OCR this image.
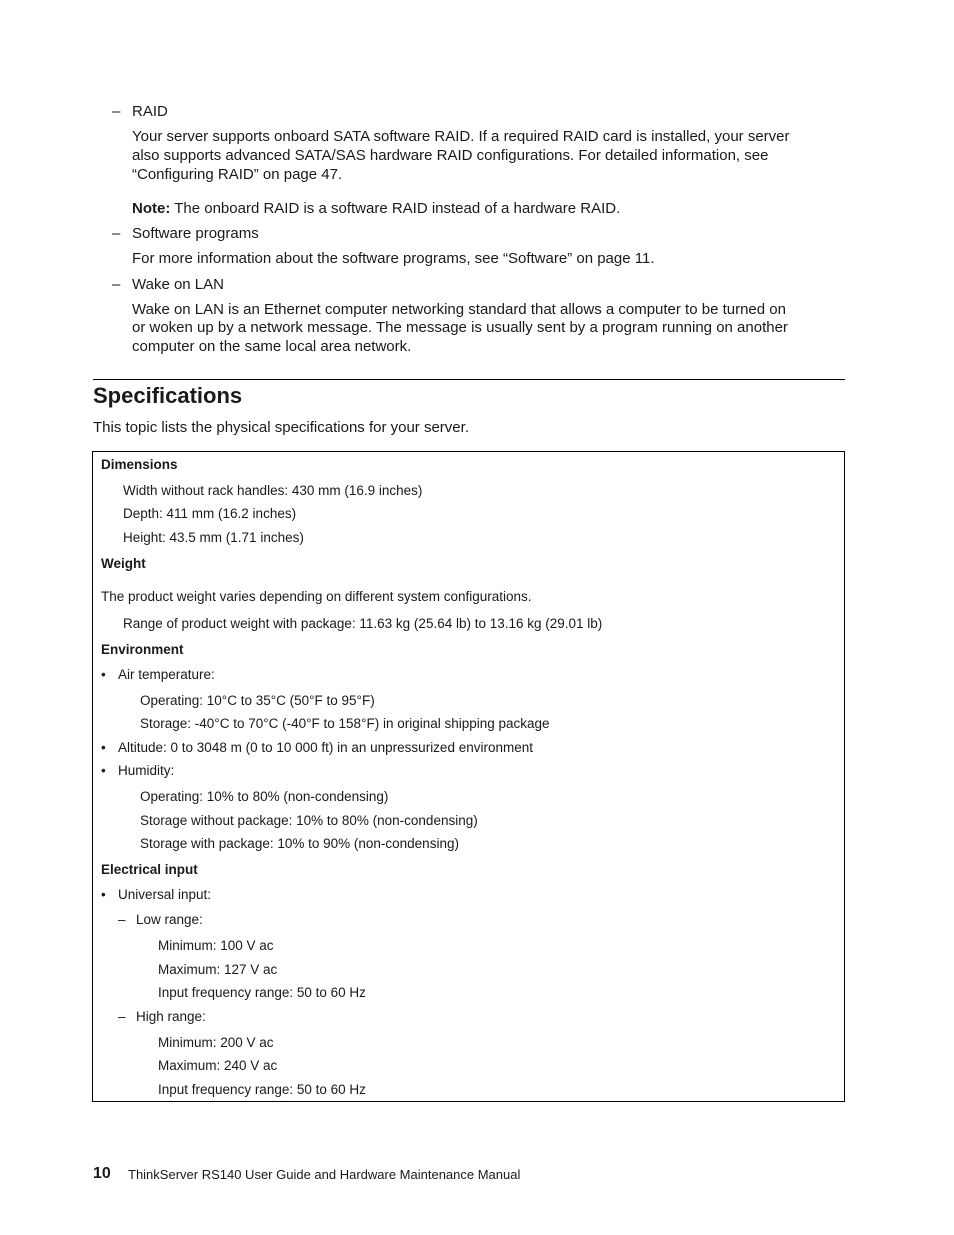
– RAID
Your server supports onboard SATA software RAID. If a required RAID card is installed, your server
also supports advanced SATA/SAS hardware RAID configurations. For detailed information, see
“Configuring RAID” on page 47.
Note: The onboard RAID is a software RAID instead of a hardware RAID.
– Software programs
For more information about the software programs, see “Software” on page 11.
– Wake on LAN
Wake on LAN is an Ethernet computer networking standard that allows a computer to be turned on
or woken up by a network message. The message is usually sent by a program running on another
computer on the same local area network.
Specifications
This topic lists the physical specifications for your server.
Dimensions
Width without rack handles: 430 mm (16.9 inches)
Depth: 411 mm (16.2 inches)
Height: 43.5 mm (1.71 inches)
Weight
The product weight varies depending on different system configurations.
Range of product weight with package: 11.63 kg (25.64 lb) to 13.16 kg (29.01 lb)
Environment
• Air temperature:
Operating: 10°C to 35°C (50°F to 95°F)
Storage: -40°C to 70°C (-40°F to 158°F) in original shipping package
• Altitude: 0 to 3048 m (0 to 10 000 ft) in an unpressurized environment
• Humidity:
Operating: 10% to 80% (non-condensing)
Storage without package: 10% to 80% (non-condensing)
Storage with package: 10% to 90% (non-condensing)
Electrical input
• Universal input:
– Low range:
Minimum: 100 V ac
Maximum: 127 V ac
Input frequency range: 50 to 60 Hz
– High range:
Minimum: 200 V ac
Maximum: 240 V ac
Input frequency range: 50 to 60 Hz
10 ThinkServer RS140 User Guide and Hardware Maintenance Manual
